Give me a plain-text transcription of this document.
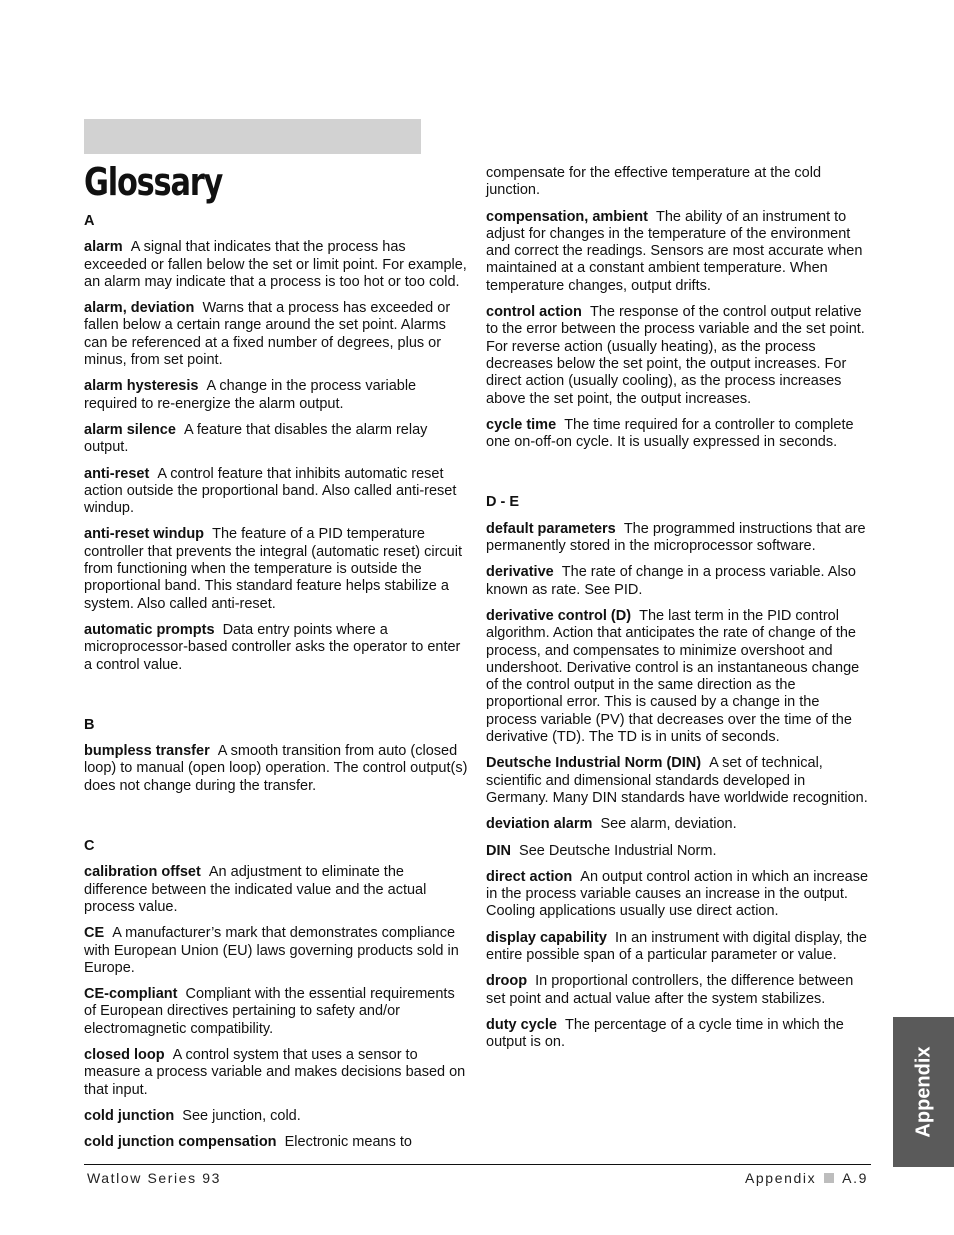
Glossary
A
alarm A signal that indicates that the process has exceeded or fallen below the set or limit point. For example, an alarm may indicate that a process is too hot or too cold.
alarm, deviation Warns that a process has exceeded or fallen below a certain range around the set point. Alarms can be referenced at a fixed number of degrees, plus or minus, from set point.
alarm hysteresis A change in the process variable required to re-energize the alarm output.
alarm silence A feature that disables the alarm relay output.
anti-reset A control feature that inhibits automatic reset action outside the proportional band. Also called anti-reset windup.
anti-reset windup The feature of a PID temperature controller that prevents the integral (automatic reset) circuit from functioning when the temperature is outside the proportional band. This standard feature helps stabilize a system. Also called anti-reset.
automatic prompts Data entry points where a microprocessor-based controller asks the operator to enter a control value.
B
bumpless transfer A smooth transition from auto (closed loop) to manual (open loop) operation. The control output(s) does not change during the transfer.
C
calibration offset An adjustment to eliminate the difference between the indicated value and the actual process value.
CE A manufacturer’s mark that demonstrates compliance with European Union (EU) laws governing products sold in Europe.
CE-compliant Compliant with the essential requirements of European directives pertaining to safety and/or electromagnetic compatibility.
closed loop A control system that uses a sensor to measure a process variable and makes decisions based on that input.
cold junction See junction, cold.
cold junction compensation Electronic means to
compensate for the effective temperature at the cold junction.
compensation, ambient The ability of an instrument to adjust for changes in the temperature of the environment and correct the readings. Sensors are most accurate when maintained at a constant ambient temperature. When temperature changes, output drifts.
control action The response of the control output relative to the error between the process variable and the set point. For reverse action (usually heating), as the process decreases below the set point, the output increases. For direct action (usually cooling), as the process increases above the set point, the output increases.
cycle time The time required for a controller to complete one on-off-on cycle. It is usually expressed in seconds.
D - E
default parameters The programmed instructions that are permanently stored in the microprocessor software.
derivative The rate of change in a process variable. Also known as rate. See PID.
derivative control (D) The last term in the PID control algorithm. Action that anticipates the rate of change of the process, and compensates to minimize overshoot and undershoot. Derivative control is an instantaneous change of the control output in the same direction as the proportional error. This is caused by a change in the process variable (PV) that decreases over the time of the derivative (TD). The TD is in units of seconds.
Deutsche Industrial Norm (DIN) A set of technical, scientific and dimensional standards developed in Germany. Many DIN standards have worldwide recognition.
deviation alarm See alarm, deviation.
DIN See Deutsche Industrial Norm.
direct action An output control action in which an increase in the process variable causes an increase in the output. Cooling applications usually use direct action.
display capability In an instrument with digital display, the entire possible span of a particular parameter or value.
droop In proportional controllers, the difference between set point and actual value after the system stabilizes.
duty cycle The percentage of a cycle time in which the output is on.
Watlow Series 93	Appendix A.9
Appendix
